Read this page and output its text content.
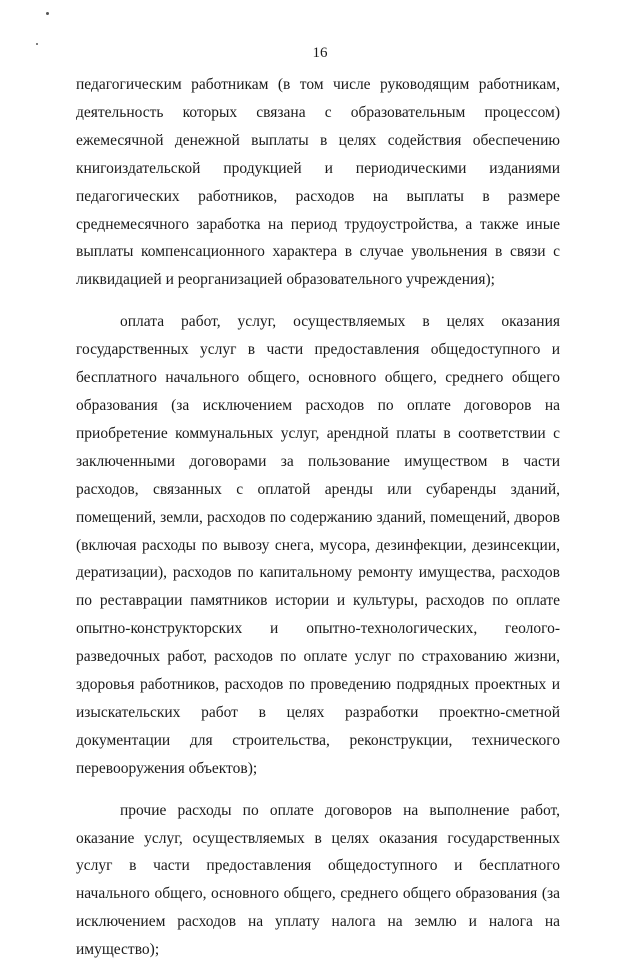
16

педагогическим работникам (в том числе руководящим работникам, деятельность которых связана с образовательным процессом) ежемесячной денежной выплаты в целях содействия обеспечению книгоиздательской продукцией и периодическими изданиями педагогических работников, расходов на выплаты в размере среднемесячного заработка на период трудоустройства, а также иные выплаты компенсационного характера в случае увольнения в связи с ликвидацией и реорганизацией образовательного учреждения);

оплата работ, услуг, осуществляемых в целях оказания государственных услуг в части предоставления общедоступного и бесплатного начального общего, основного общего, среднего общего образования (за исключением расходов по оплате договоров на приобретение коммунальных услуг, арендной платы в соответствии с заключенными договорами за пользование имуществом в части расходов, связанных с оплатой аренды или субаренды зданий, помещений, земли, расходов по содержанию зданий, помещений, дворов (включая расходы по вывозу снега, мусора, дезинфекции, дезинсекции, дератизации), расходов по капитальному ремонту имущества, расходов по реставрации памятников истории и культуры, расходов по оплате опытно-конструкторских и опытно-технологических, геолого-разведочных работ, расходов по оплате услуг по страхованию жизни, здоровья работников, расходов по проведению подрядных проектных и изыскательских работ в целях разработки проектно-сметной документации для строительства, реконструкции, технического перевооружения объектов);

прочие расходы по оплате договоров на выполнение работ, оказание услуг, осуществляемых в целях оказания государственных услуг в части предоставления общедоступного и бесплатного начального общего, основного общего, среднего общего образования (за исключением расходов на уплату налога на землю и налога на имущество);
